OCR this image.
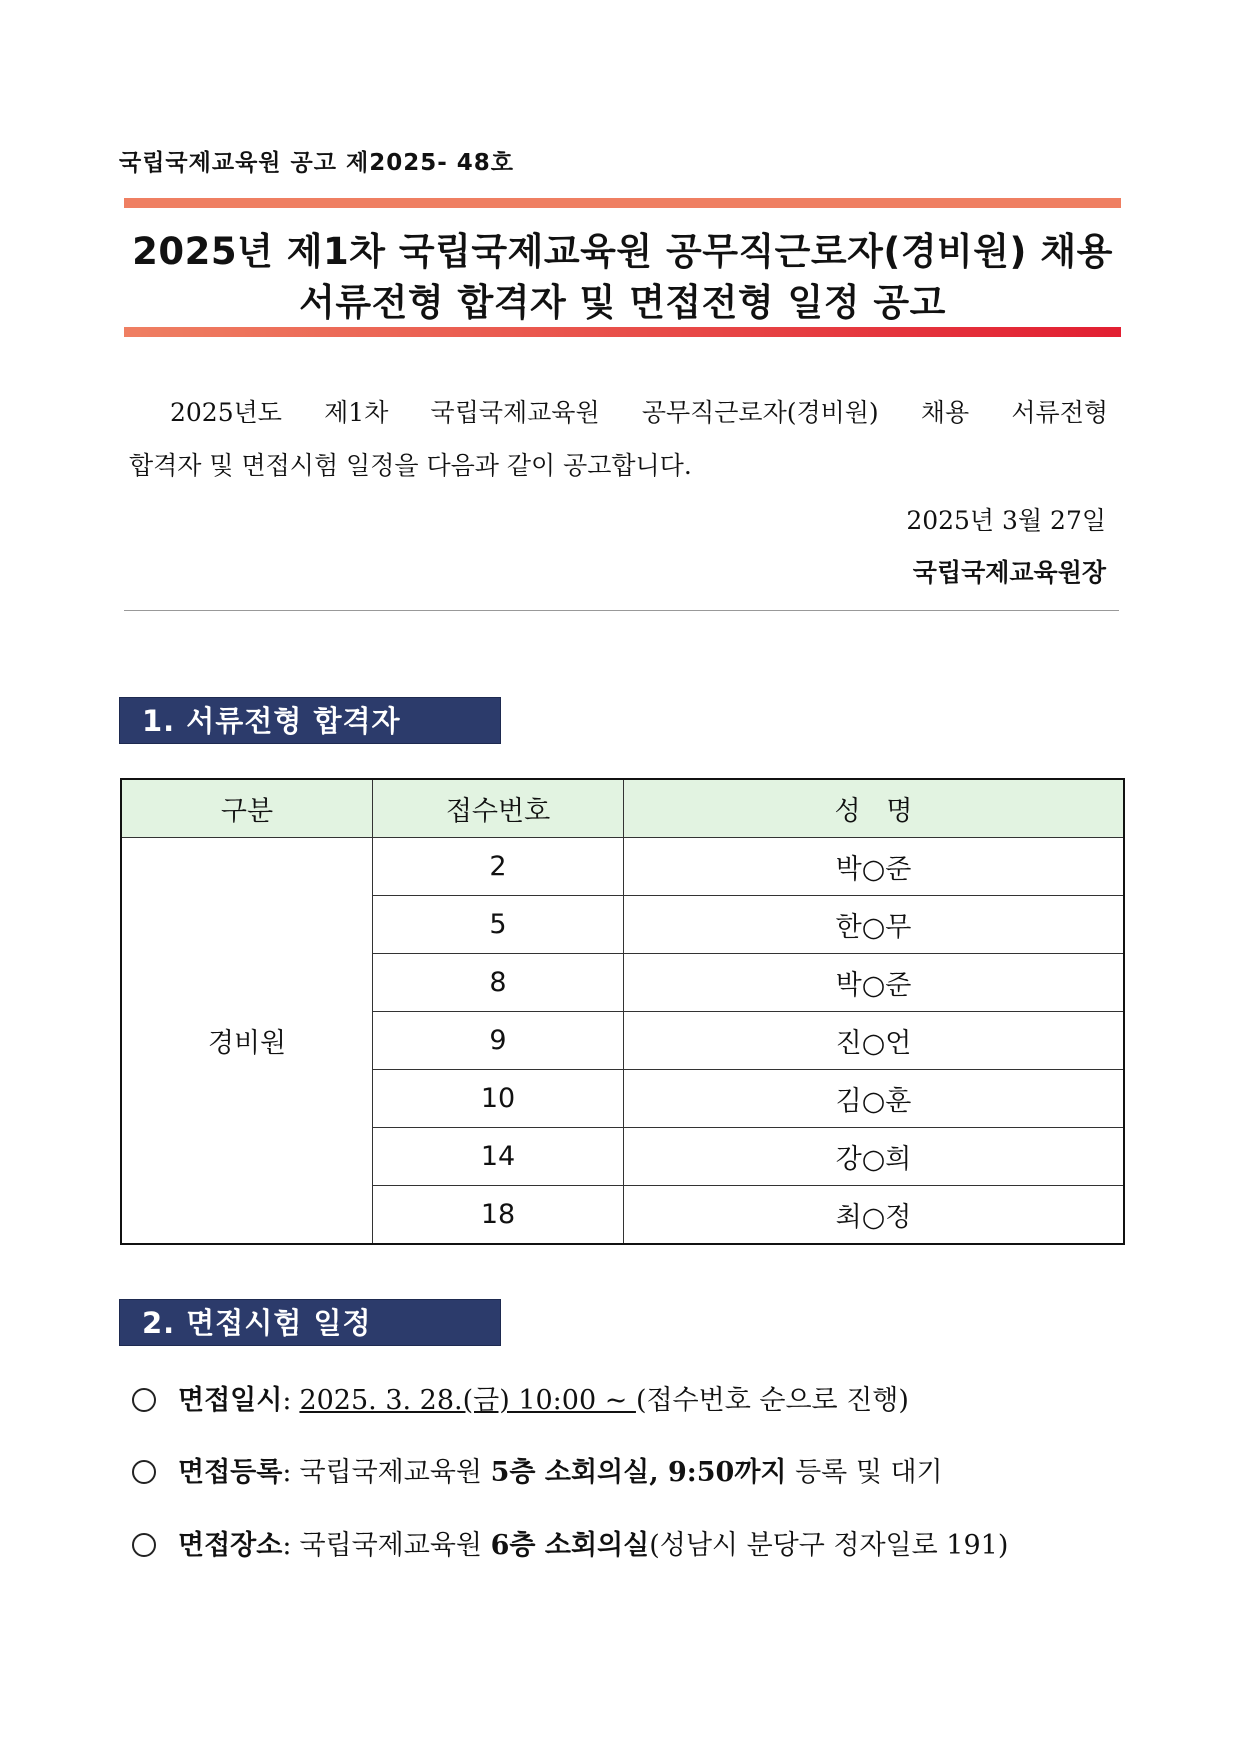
국립국제교육원 공고 제2025- 48호
2025년 제1차 국립국제교육원 공무직근로자(경비원) 채용
서류전형 합격자 및 면접전형 일정 공고
2025년도 제1차 국립국제교육원 공무직근로자(경비원) 채용 서류전형
합격자 및 면접시험 일정을 다음과 같이 공고합니다.
2025년 3월 27일
국립국제교육원장
1. 서류전형 합격자
구분	접수번호	성   명
경비원	2	박○준
	5	한○무
	8	박○준
	9	진○언
	10	김○훈
	14	강○희
	18	최○정
2. 면접시험 일정
면접일시: 2025. 3. 28.(금) 10:00 ~ (접수번호 순으로 진행)
면접등록: 국립국제교육원 5층 소회의실, 9:50까지 등록 및 대기
면접장소: 국립국제교육원 6층 소회의실(성남시 분당구 정자일로 191)
